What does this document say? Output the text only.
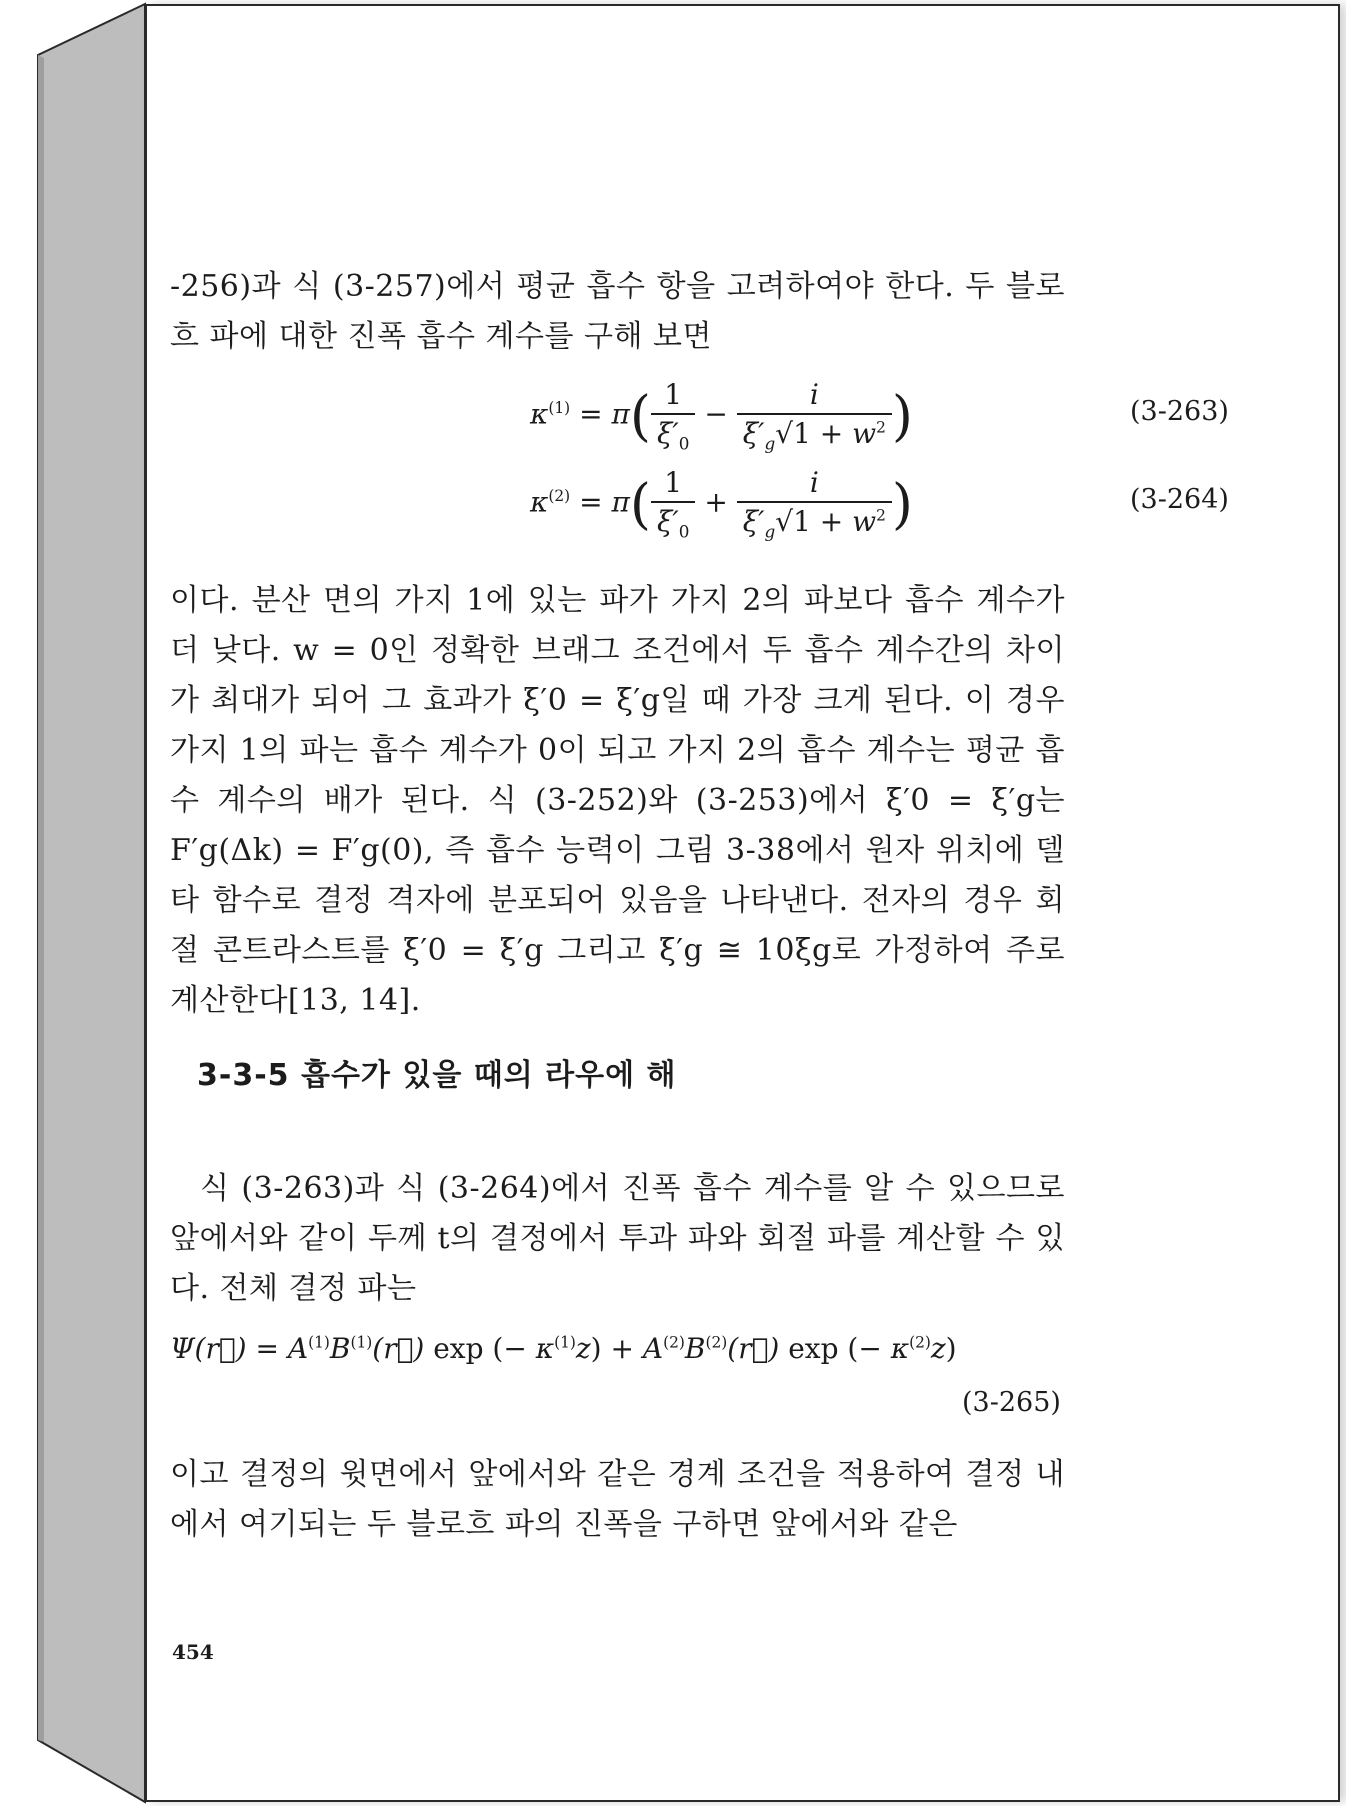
-256)과 식 (3-257)에서 평균 흡수 항을 고려하여야 한다. 두 블로흐 파에 대한 진폭 흡수 계수를 구해 보면

$\kappa^{(1)} = \pi( \frac{1}{\xi'_0} - \frac{i}{\xi'_g√1 + w^2}$ )	(3-263)
$\kappa^{(2)} = \pi( \frac{1}{\xi'_0} + \frac{i}{\xi'_g√1 + w^2}$ )	(3-264)

이다. 분산 면의 가지 1에 있는 파가 가지 2의 파보다 흡수 계수가 더 낮다. w = 0인 정확한 브래그 조건에서 두 흡수 계수간의 차이가 최대가 되어 그 효과가 ξ′0 = ξ′g일 때 가장 크게 된다. 이 경우 가지 1의 파는 흡수 계수가 0이 되고 가지 2의 흡수 계수는 평균 흡수 계수의 배가 된다. 식 (3-252)와 (3-253)에서 ξ′0 = ξ′g는 F′g(Δk) = F′g(0), 즉 흡수 능력이 그림 3-38에서 원자 위치에 델타 함수로 결정 격자에 분포되어 있음을 나타낸다. 전자의 경우 회절 콘트라스트를 ξ′0 = ξ′g 그리고 ξ′g ≅ 10ξg로 가정하여 주로 계산한다[13, 14].

3-3-5 흡수가 있을 때의 라우에 해

식 (3-263)과 식 (3-264)에서 진폭 흡수 계수를 알 수 있으므로 앞에서와 같이 두께 t의 결정에서 투과 파와 회절 파를 계산할 수 있다. 전체 결정 파는

Ψ(r⃗) = $A^{(1)}B^{(1)}(r⃗)$ exp (− $\kappa^{(1)}z$) + $A^{(2)}B^{(2)}(r⃗)$ exp (− $\kappa^{(2)}z$)
(3-265)

이고 결정의 윗면에서 앞에서와 같은 경계 조건을 적용하여 결정 내에서 여기되는 두 블로흐 파의 진폭을 구하면 앞에서와 같은

454
